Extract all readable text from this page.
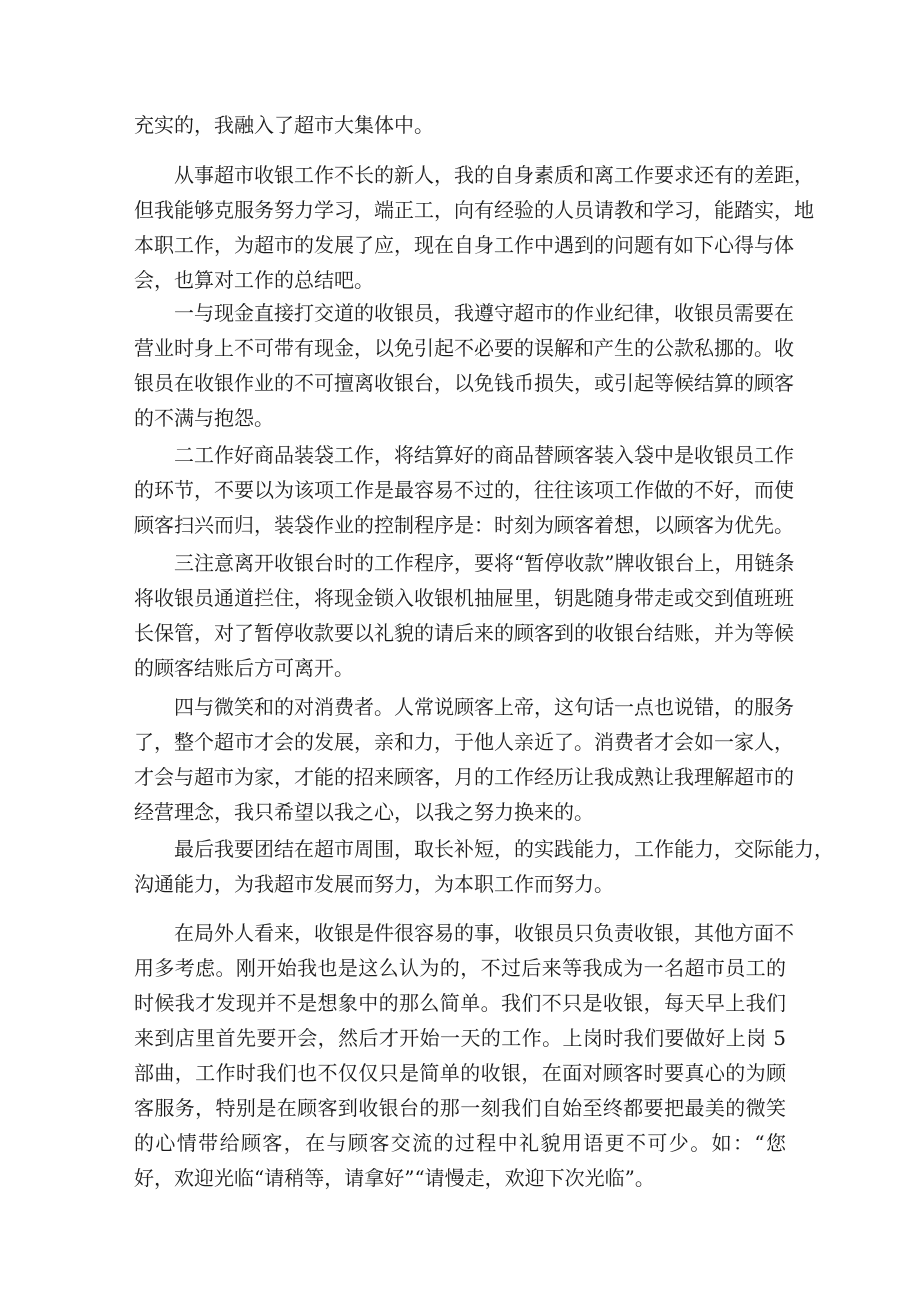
充实的，我融入了超市大集体中。
　　从事超市收银工作不长的新人，我的自身素质和离工作要求还有的差距，
但我能够克服务努力学习，端正工，向有经验的人员请教和学习，能踏实，地
本职工作，为超市的发展了应，现在自身工作中遇到的问题有如下心得与体
会，也算对工作的总结吧。
　　一与现金直接打交道的收银员，我遵守超市的作业纪律，收银员需要在
营业时身上不可带有现金，以免引起不必要的误解和产生的公款私挪的。收
银员在收银作业的不可擅离收银台，以免钱币损失，或引起等候结算的顾客
的不满与抱怨。
　　二工作好商品装袋工作，将结算好的商品替顾客装入袋中是收银员工作
的环节，不要以为该项工作是最容易不过的，往往该项工作做的不好，而使
顾客扫兴而归，装袋作业的控制程序是：时刻为顾客着想，以顾客为优先。
　　三注意离开收银台时的工作程序，要将“暂停收款”牌收银台上，用链条
将收银员通道拦住，将现金锁入收银机抽屉里，钥匙随身带走或交到值班班
长保管，对了暂停收款要以礼貌的请后来的顾客到的收银台结账，并为等候
的顾客结账后方可离开。
　　四与微笑和的对消费者。人常说顾客上帝，这句话一点也说错，的服务
了，整个超市才会的发展，亲和力，于他人亲近了。消费者才会如一家人，
才会与超市为家，才能的招来顾客，月的工作经历让我成熟让我理解超市的
经营理念，我只希望以我之心，以我之努力换来的。
　　最后我要团结在超市周围，取长补短，的实践能力，工作能力，交际能力，
沟通能力，为我超市发展而努力，为本职工作而努力。
　　在局外人看来，收银是件很容易的事，收银员只负责收银，其他方面不
用多考虑。刚开始我也是这么认为的，不过后来等我成为一名超市员工的
时候我才发现并不是想象中的那么简单。我们不只是收银，每天早上我们
来到店里首先要开会，然后才开始一天的工作。上岗时我们要做好上岗 5
部曲，工作时我们也不仅仅只是简单的收银，在面对顾客时要真心的为顾
客服务，特别是在顾客到收银台的那一刻我们自始至终都要把最美的微笑
的心情带给顾客，在与顾客交流的过程中礼貌用语更不可少。如：“您
好，欢迎光临“请稍等，请拿好”“请慢走，欢迎下次光临”。
